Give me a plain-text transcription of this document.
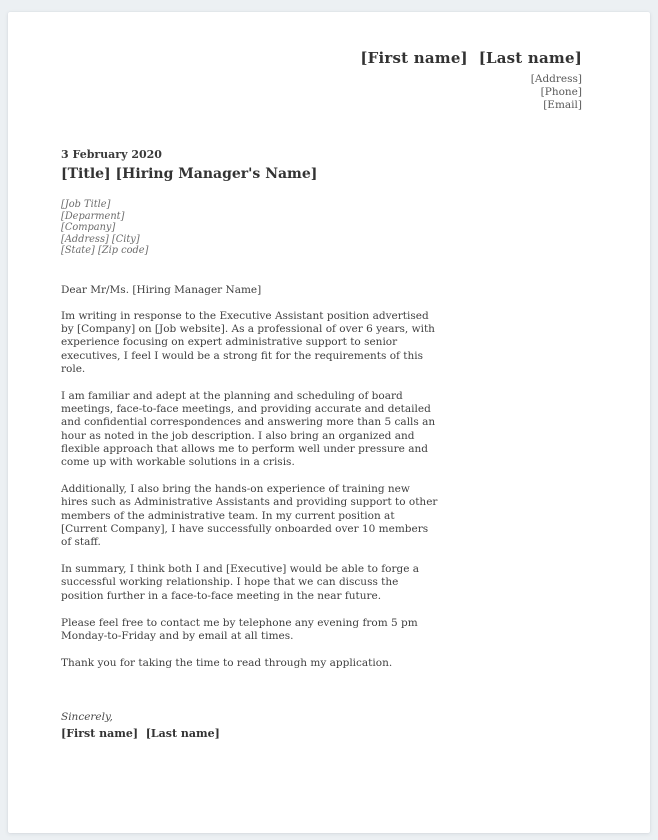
[First name]  [Last name]
[Address]
[Phone]
[Email]
3 February 2020
[Title] [Hiring Manager's Name]
[Job Title]
[Deparment]
[Company]
[Address] [City]
[State] [Zip code]

Dear Mr/Ms. [Hiring Manager Name]

Im writing in response to the Executive Assistant position advertised by [Company] on [Job website]. As a professional of over 6 years, with experience focusing on expert administrative support to senior executives, I feel I would be a strong fit for the requirements of this role.

I am familiar and adept at the planning and scheduling of board meetings, face-to-face meetings, and providing accurate and detailed and confidential correspondences and answering more than 5 calls an hour as noted in the job description. I also bring an organized and flexible approach that allows me to perform well under pressure and come up with workable solutions in a crisis.

Additionally, I also bring the hands-on experience of training new hires such as Administrative Assistants and providing support to other members of the administrative team. In my current position at [Current Company], I have successfully onboarded over 10 members of staff.

In summary, I think both I and [Executive] would be able to forge a successful working relationship. I hope that we can discuss the position further in a face-to-face meeting in the near future.

Please feel free to contact me by telephone any evening from 5 pm Monday-to-Friday and by email at all times.

Thank you for taking the time to read through my application.

Sincerely,
[First name]  [Last name]
